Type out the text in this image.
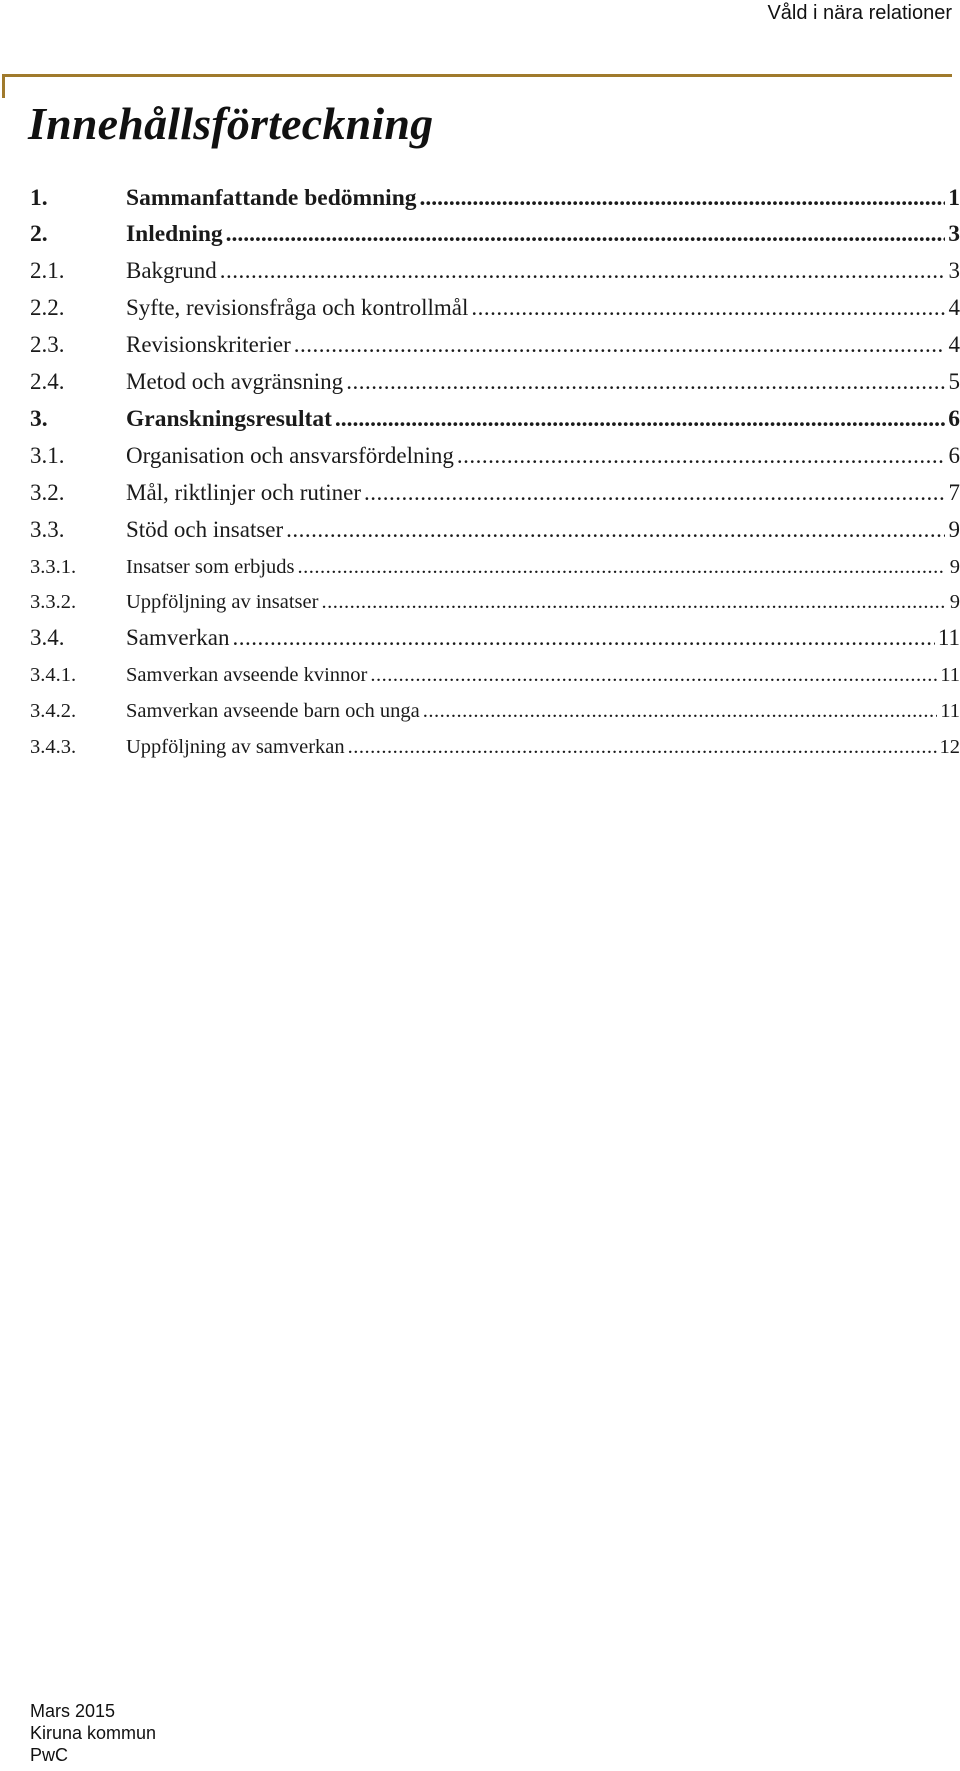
Våld i nära relationer
Innehållsförteckning
1.	Sammanfattande bedömning .....	1
2.	Inledning .....	3
2.1.	Bakgrund .....	3
2.2.	Syfte, revisionsfråga och kontrollmål .....	4
2.3.	Revisionskriterier .....	4
2.4.	Metod och avgränsning .....	5
3.	Granskningsresultat .....	6
3.1.	Organisation och ansvarsfördelning .....	6
3.2.	Mål, riktlinjer och rutiner .....	7
3.3.	Stöd och insatser .....	9
3.3.1.	Insatser som erbjuds .....	9
3.3.2.	Uppföljning av insatser .....	9
3.4.	Samverkan .....	11
3.4.1.	Samverkan avseende kvinnor .....	11
3.4.2.	Samverkan avseende barn och unga .....	11
3.4.3.	Uppföljning av samverkan .....	12
Mars 2015
Kiruna kommun
PwC
